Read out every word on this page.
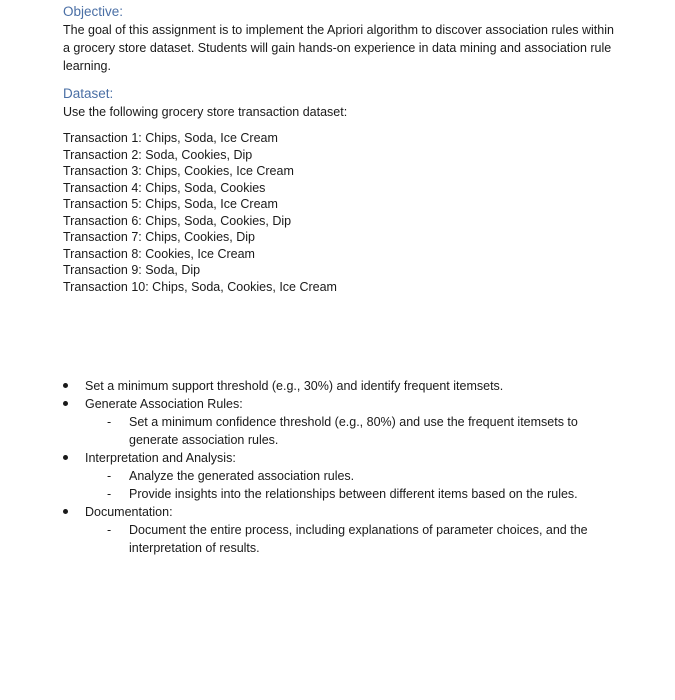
Objective:
The goal of this assignment is to implement the Apriori algorithm to discover association rules within a grocery store dataset. Students will gain hands-on experience in data mining and association rule learning.
Dataset:
Use the following grocery store transaction dataset:
Transaction 1: Chips, Soda, Ice Cream
Transaction 2: Soda, Cookies, Dip
Transaction 3: Chips, Cookies, Ice Cream
Transaction 4: Chips, Soda, Cookies
Transaction 5: Chips, Soda, Ice Cream
Transaction 6: Chips, Soda, Cookies, Dip
Transaction 7: Chips, Cookies, Dip
Transaction 8: Cookies, Ice Cream
Transaction 9: Soda, Dip
Transaction 10: Chips, Soda, Cookies, Ice Cream
Set a minimum support threshold (e.g., 30%) and identify frequent itemsets.
Generate Association Rules:
- Set a minimum confidence threshold (e.g., 80%) and use the frequent itemsets to generate association rules.
Interpretation and Analysis:
- Analyze the generated association rules.
- Provide insights into the relationships between different items based on the rules.
Documentation:
- Document the entire process, including explanations of parameter choices, and the interpretation of results.
